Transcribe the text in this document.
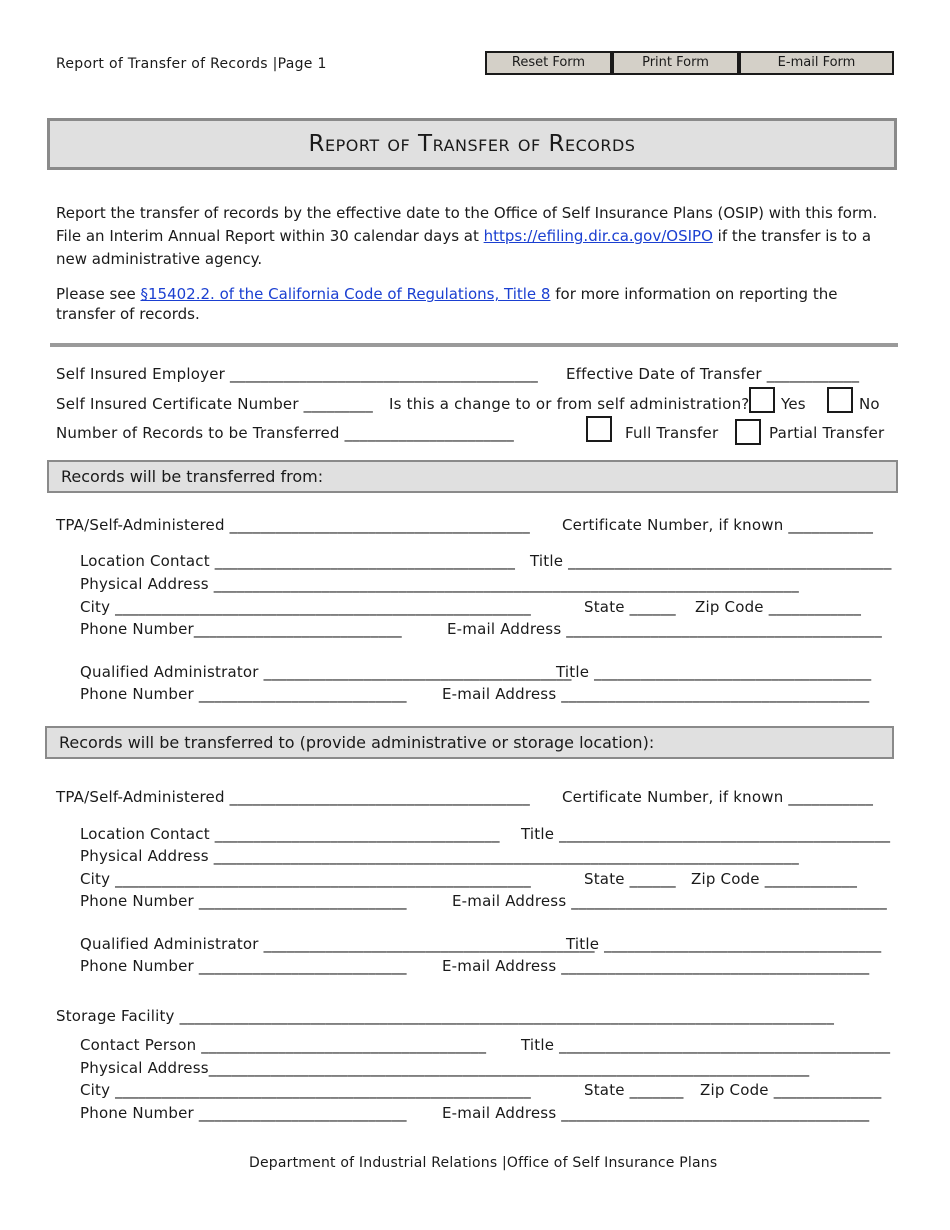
Report of Transfer of Records |Page 1	Reset Form	Print Form	E-mail Form
Report of Transfer of Records
Report the transfer of records by the effective date to the Office of Self Insurance Plans (OSIP) with this form. File an Interim Annual Report within 30 calendar days at https://efiling.dir.ca.gov/OSIPO if the transfer is to a new administrative agency.
Please see §15402.2. of the California Code of Regulations, Title 8 for more information on reporting the transfer of records.
Self Insured Employer ________________________________________ Effective Date of Transfer ____________
Self Insured Certificate Number _________ Is this a change to or from self administration? Yes	No
Number of Records to be Transferred ______________________	Full Transfer	Partial Transfer
Records will be transferred from:
TPA/Self-Administered _______________________________________ Certificate Number, if known ___________
Location Contact _______________________________________ Title __________________________________________
Physical Address ____________________________________________________________________________
City ______________________________________________________	State ______ Zip Code ____________
Phone Number___________________________	E-mail Address _________________________________________
Qualified Administrator ________________________________________
Title ____________________________________
Phone Number ___________________________ E-mail Address ________________________________________
Records will be transferred to (provide administrative or storage location):
TPA/Self-Administered _______________________________________ Certificate Number, if known ___________
Location Contact _____________________________________ Title ___________________________________________
Physical Address ____________________________________________________________________________
City ______________________________________________________	State ______ Zip Code ____________
Phone Number ___________________________	E-mail Address _________________________________________
Qualified Administrator ___________________________________________
Title ____________________________________
Phone Number ___________________________ E-mail Address ________________________________________
Storage Facility _____________________________________________________________________________________
Contact Person _____________________________________ Title ___________________________________________
Physical Address______________________________________________________________________________
City ______________________________________________________	State _______ Zip Code ______________
Phone Number ___________________________ E-mail Address ________________________________________
Department of Industrial Relations |Office of Self Insurance Plans
